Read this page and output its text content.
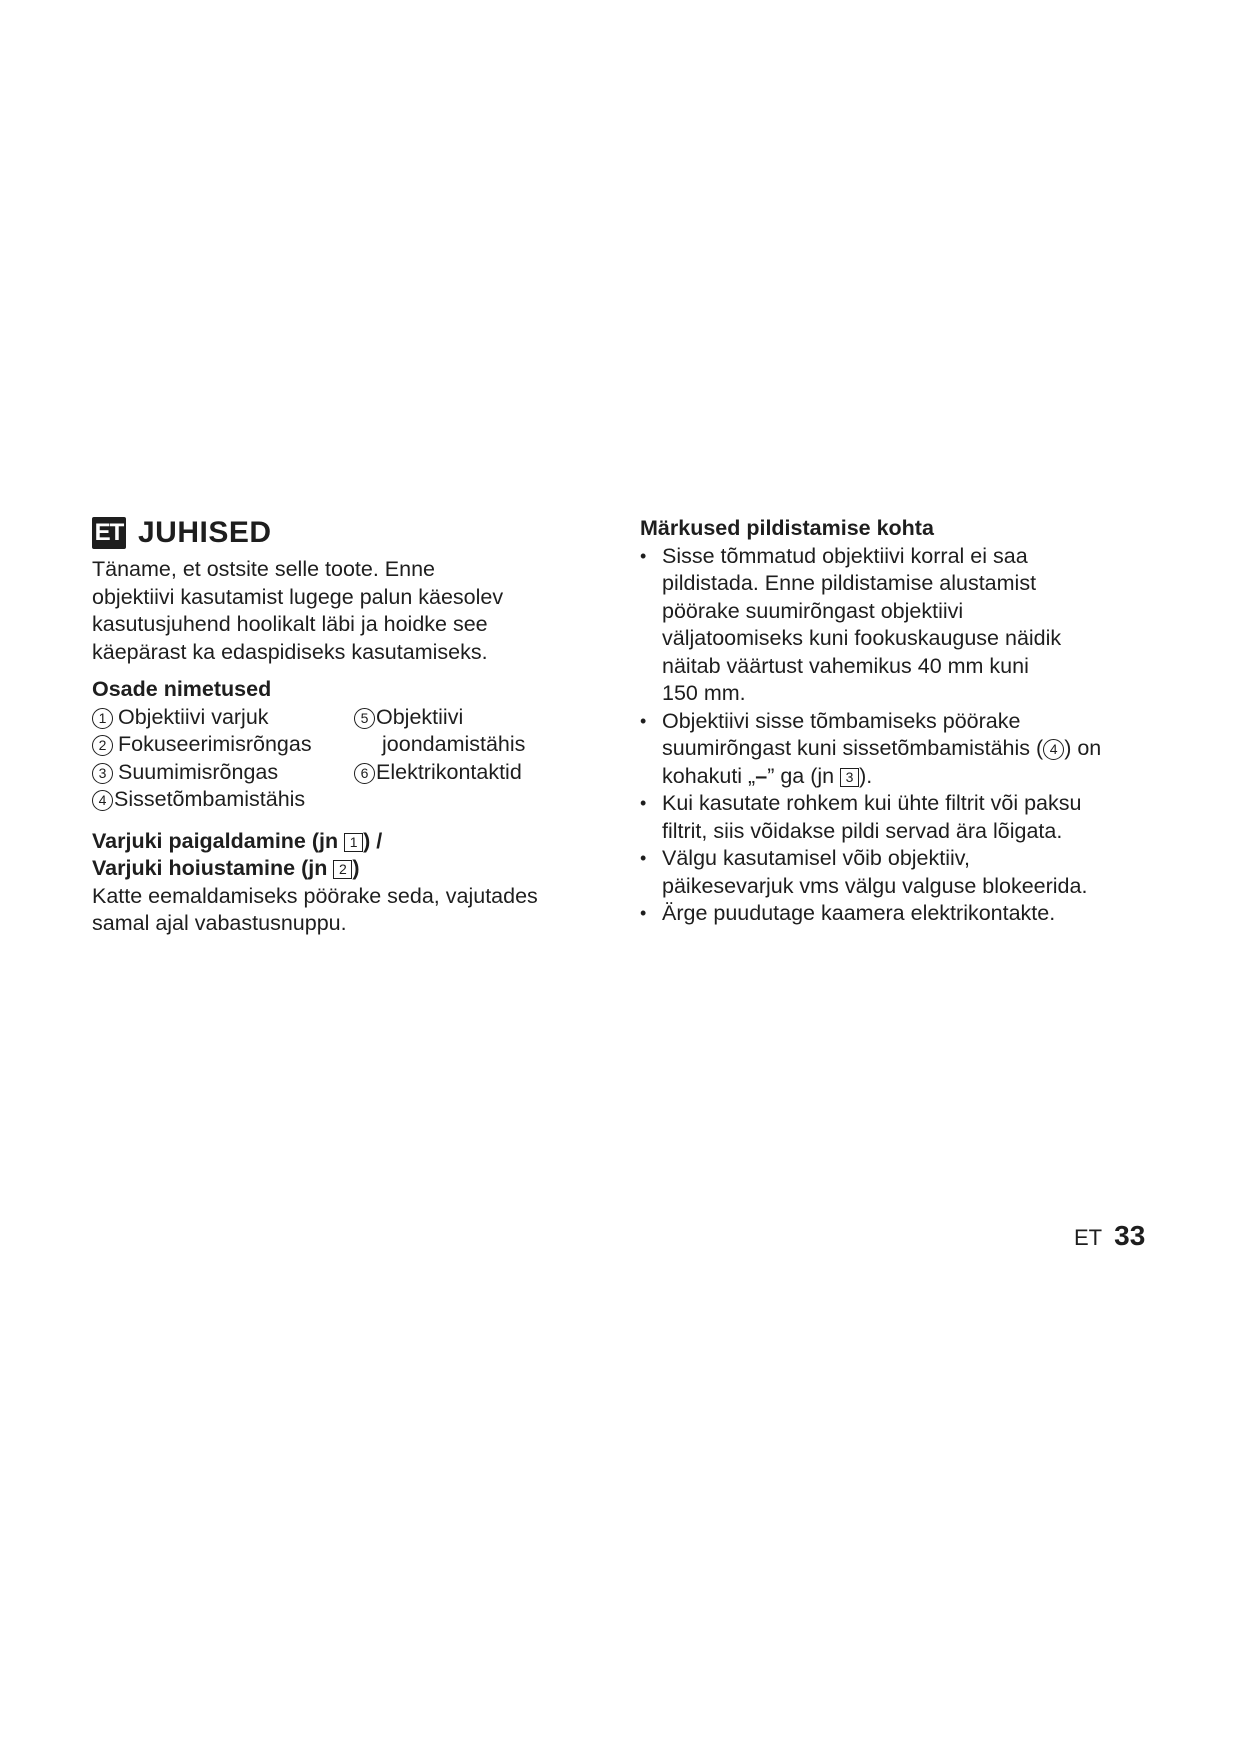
ET JUHISED
Täname, et ostsite selle toote. Enne
objektiivi kasutamist lugege palun käesolev
kasutusjuhend hoolikalt läbi ja hoidke see
käepärast ka edaspidiseks kasutamiseks.
Osade nimetused
1 Objektiivi varjuk
2 Fokuseerimisrõngas
3 Suumimisrõngas
4 Sissetõmbamistähis
5 Objektiivi
joondamistähis
6 Elektrikontaktid
Varjuki paigaldamine (jn 1 ) /
Varjuki hoiustamine (jn 2 )
Katte eemaldamiseks pöörake seda, vajutades
samal ajal vabastusnuppu.
Märkused pildistamise kohta
• Sisse tõmmatud objektiivi korral ei saa
pildistada. Enne pildistamise alustamist
pöörake suumirõngast objektiivi
väljatoomiseks kuni fookuskauguse näidik
näitab väärtust vahemikus 40 mm kuni
150 mm.
• Objektiivi sisse tõmbamiseks pöörake
suumirõngast kuni sissetõmbamistähis ( 4 ) on
kohakuti „–” ga (jn 3 ).
• Kui kasutate rohkem kui ühte filtrit või paksu
filtrit, siis võidakse pildi servad ära lõigata.
• Välgu kasutamisel võib objektiiv,
päikesevarjuk vms välgu valguse blokeerida.
• Ärge puudutage kaamera elektrikontakte.
ET 33
